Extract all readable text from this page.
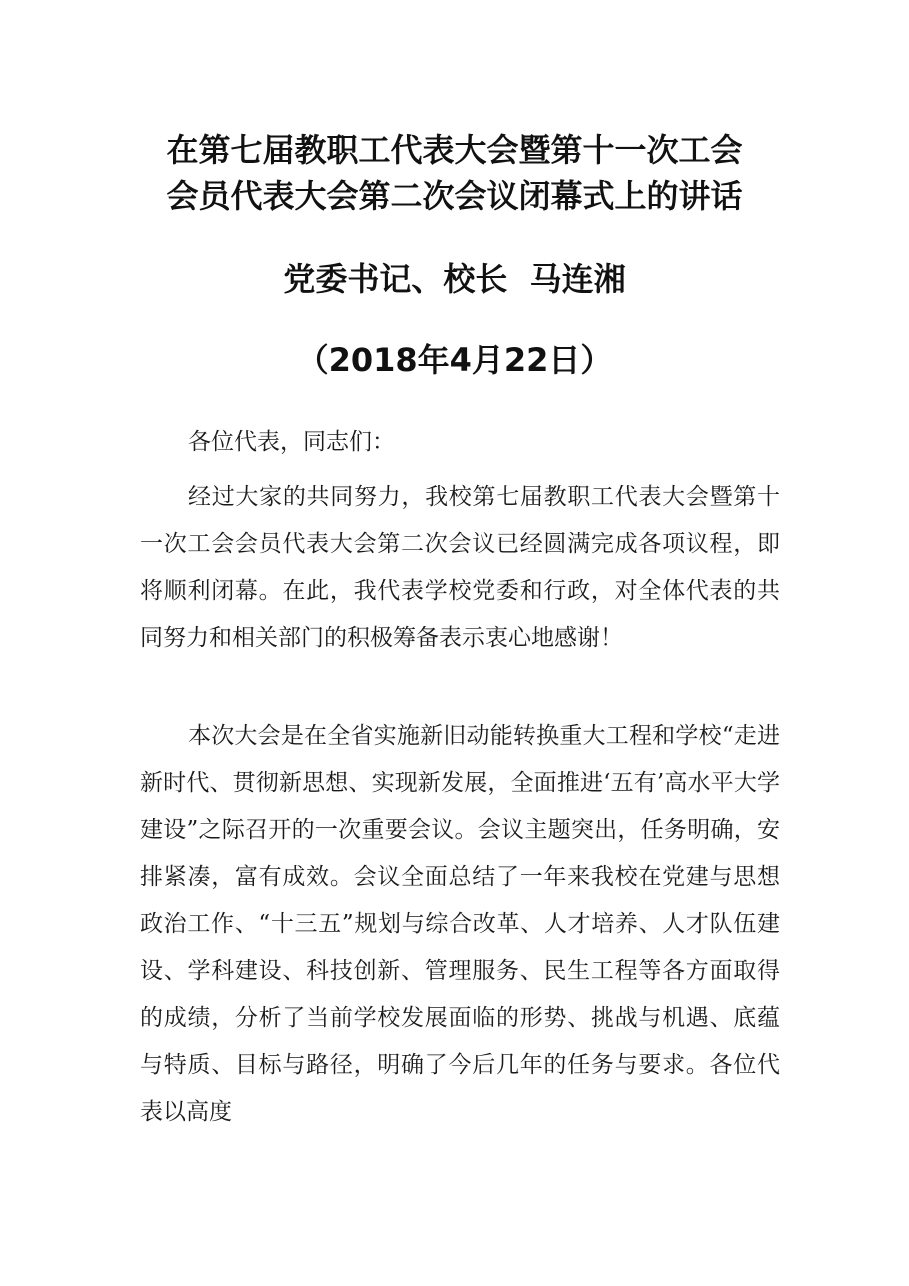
在第七届教职工代表大会暨第十一次工会
会员代表大会第二次会议闭幕式上的讲话
党委书记、校长  马连湘
（2018年4月22日）
各位代表，同志们：

经过大家的共同努力，我校第七届教职工代表大会暨第十一次工会会员代表大会第二次会议已经圆满完成各项议程，即将顺利闭幕。在此，我代表学校党委和行政，对全体代表的共同努力和相关部门的积极筹备表示衷心地感谢！

本次大会是在全省实施新旧动能转换重大工程和学校“走进新时代、贯彻新思想、实现新发展，全面推进‘五有’高水平大学建设”之际召开的一次重要会议。会议主题突出，任务明确，安排紧凑，富有成效。会议全面总结了一年来我校在党建与思想政治工作、“十三五”规划与综合改革、人才培养、人才队伍建设、学科建设、科技创新、管理服务、民生工程等各方面取得的成绩，分析了当前学校发展面临的形势、挑战与机遇、底蕴与特质、目标与路径，明确了今后几年的任务与要求。各位代表以高度
